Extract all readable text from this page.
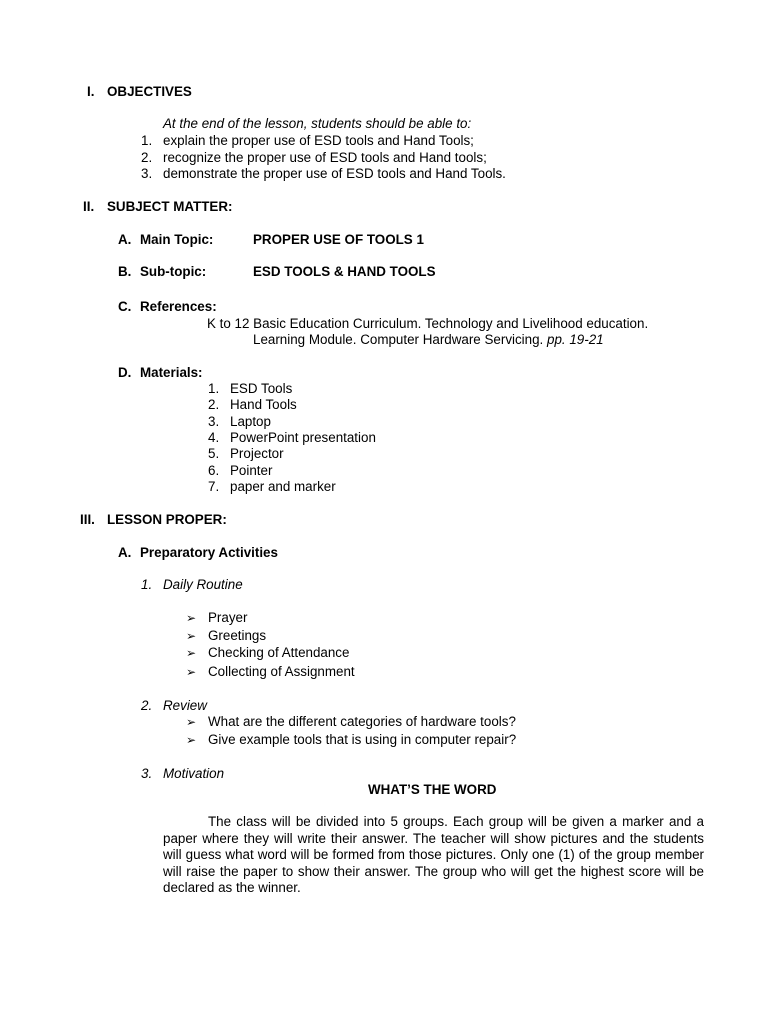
I. OBJECTIVES
At the end of the lesson, students should be able to:
1. explain the proper use of ESD tools and Hand Tools;
2. recognize the proper use of ESD tools and Hand tools;
3. demonstrate the proper use of ESD tools and Hand Tools.
II. SUBJECT MATTER:
A. Main Topic:	PROPER USE OF TOOLS 1
B. Sub-topic:	ESD TOOLS & HAND TOOLS
C. References:
K to 12 Basic Education Curriculum. Technology and Livelihood education.
Learning Module. Computer Hardware Servicing. pp. 19-21
D. Materials:
1. ESD Tools
2. Hand Tools
3. Laptop
4. PowerPoint presentation
5. Projector
6. Pointer
7. paper and marker
III. LESSON PROPER:
A. Preparatory Activities
1. Daily Routine
➢ Prayer
➢ Greetings
➢ Checking of Attendance
➢ Collecting of Assignment
2. Review
➢ What are the different categories of hardware tools?
➢ Give example tools that is using in computer repair?
3. Motivation
WHAT’S THE WORD
The class will be divided into 5 groups. Each group will be given a marker and a paper where they will write their answer. The teacher will show pictures and the students will guess what word will be formed from those pictures. Only one (1) of the group member will raise the paper to show their answer. The group who will get the highest score will be declared as the winner.
